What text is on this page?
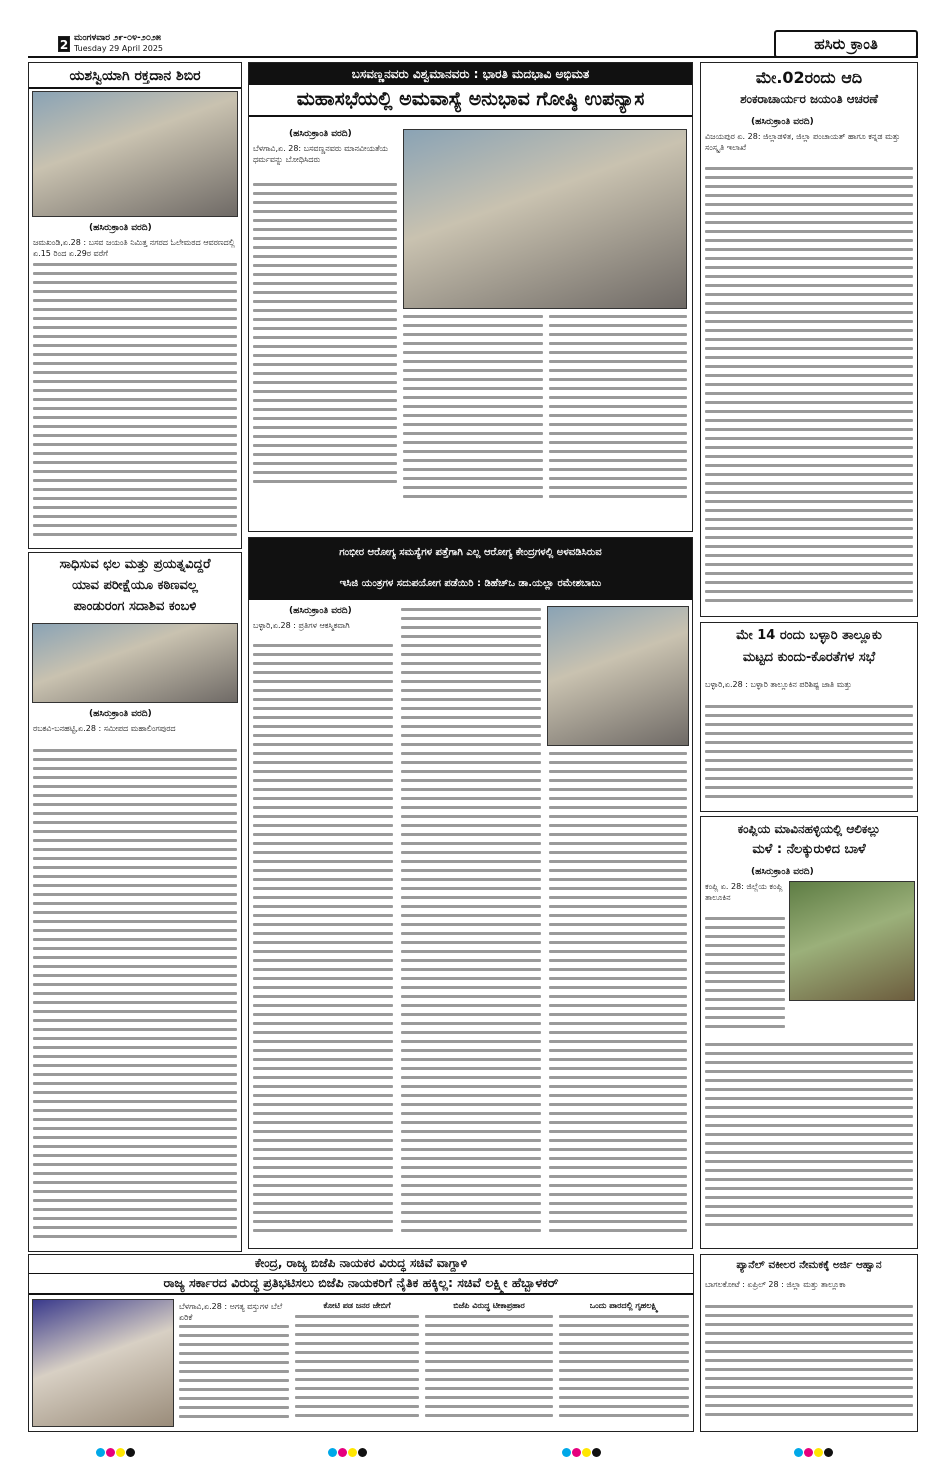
2 ಮಂಗಳವಾರ ೨೯-೦೪-೨೦೨೫
Tuesday 29 April 2025	ಹಸಿರು ಕ್ರಾಂತಿ
ಯಶಸ್ವಿಯಾಗಿ ರಕ್ತದಾನ ಶಿಬಿರ
(ಹಸಿರುಕ್ರಾಂತಿ ವರದಿ)
ಜಮಖಂಡಿ,ಏ.28 : ಬಸವ ಜಯಂತಿ ನಿಮಿತ್ತ ನಗರದ ಓಲೇಮಠದ ಆವರಣದಲ್ಲಿ ಏ.15 ರಿಂದ ಏ.29ರ ವರೆಗೆ
ಸಾಧಿಸುವ ಛಲ ಮತ್ತು ಪ್ರಯತ್ನವಿದ್ದರೆ
ಯಾವ ಪರೀಕ್ಷೆಯೂ ಕಠಿಣವಲ್ಲ
ಪಾಂಡುರಂಗ ಸದಾಶಿವ ಕಂಬಳಿ
(ಹಸಿರುಕ್ರಾಂತಿ ವರದಿ)
ರಬಕವಿ-ಬನಹಟ್ಟಿ,ಏ.28 : ಸಮೀಪದ ಮಹಾಲಿಂಗಪುರದ
ಬಸವಣ್ಣನವರು ವಿಶ್ವಮಾನವರು : ಭಾರತಿ ಮದಭಾವಿ ಅಭಿಮತ
ಮಹಾಸಭೆಯಲ್ಲಿ ಅಮವಾಸ್ಯೆ ಅನುಭಾವ ಗೋಷ್ಠಿ ಉಪನ್ಯಾಸ
(ಹಸಿರುಕ್ರಾಂತಿ ವರದಿ)
ಬೆಳಗಾವಿ,ಏ. 28: ಬಸವಣ್ಣನವರು ಮಾನವೀಯತೆಯ ಧರ್ಮವನ್ನು ಬೋಧಿಸಿದರು
ಗಂಭೀರ ಆರೋಗ್ಯ ಸಮಸ್ಯೆಗಳ ಪತ್ತೆಗಾಗಿ ಎಲ್ಲ ಆರೋಗ್ಯ ಕೇಂದ್ರಗಳಲ್ಲಿ ಅಳವಡಿಸಿರುವ
ಇಸಿಜಿ ಯಂತ್ರಗಳ ಸದುಪಯೋಗ ಪಡೆಯಿರಿ : ಡಿಹೆಚ್ಒ ಡಾ.ಯಲ್ಲಾ ರಮೇಶಬಾಬು
(ಹಸಿರುಕ್ರಾಂತಿ ವರದಿ)
ಬಳ್ಳಾರಿ,ಏ.28 : ಪ್ರತಿಗಳ ಆಕಸ್ಮಿಕವಾಗಿ
ಮೇ.02ರಂದು ಆದಿ
ಶಂಕರಾಚಾರ್ಯರ ಜಯಂತಿ ಆಚರಣೆ
(ಹಸಿರುಕ್ರಾಂತಿ ವರದಿ)
ವಿಜಯಪುರ ಏ. 28: ಜಿಲ್ಲಾಡಳಿತ, ಜಿಲ್ಲಾ ಪಂಚಾಯತ್ ಹಾಗೂ ಕನ್ನಡ ಮತ್ತು ಸಂಸ್ಕೃತಿ ಇಲಾಖೆ
ಮೇ 14 ರಂದು ಬಳ್ಳಾರಿ ತಾಲ್ಲೂಕು
ಮಟ್ಟದ ಕುಂದು-ಕೊರತೆಗಳ ಸಭೆ
ಬಳ್ಳಾರಿ,ಏ.28 : ಬಳ್ಳಾರಿ ತಾಲ್ಲೂಕಿನ ಪರಿಶಿಷ್ಟ ಜಾತಿ ಮತ್ತು
ಕಂಪ್ಲಿಯ ಮಾವಿನಹಳ್ಳಿಯಲ್ಲಿ ಆಲಿಕಲ್ಲು
ಮಳೆ : ನೆಲಕ್ಕುರುಳಿದ ಬಾಳೆ
(ಹಸಿರುಕ್ರಾಂತಿ ವರದಿ)
ಕಂಪ್ಲಿ ಏ. 28: ಜಿಲ್ಲೆಯ ಕಂಪ್ಲಿ ತಾಲೂಕಿನ
ಕೇಂದ್ರ, ರಾಜ್ಯ ಬಿಜೆಪಿ ನಾಯಕರ ವಿರುದ್ಧ ಸಚಿವೆ ವಾಗ್ದಾಳಿ
ರಾಜ್ಯ ಸರ್ಕಾರದ ವಿರುದ್ಧ ಪ್ರತಿಭಟಿಸಲು ಬಿಜೆಪಿ ನಾಯಕರಿಗೆ ನೈತಿಕ ಹಕ್ಕಿಲ್ಲ: ಸಚಿವೆ ಲಕ್ಷ್ಮೀ ಹೆಬ್ಬಾಳಕರ್
ಬೆಳಗಾವಿ,ಏ.28 : ಅಗತ್ಯ ವಸ್ತುಗಳ ಬೆಲೆ ಏರಿಕೆ
ಕೋಟಿ ಪಡ ಜನರ ಜೇಬಿಗೆ	ಬಿಜೆಪಿ ವಿರುದ್ಧ ಟೀಕಾಪ್ರಹಾರ	ಒಂದು ಪಾರದಲ್ಲಿ ಗೃಹಲಕ್ಷ್ಮಿ
ಪ್ಯಾನೆಲ್ ವಕೀಲರ ನೇಮಕಕ್ಕೆ ಅರ್ಜಿ ಆಹ್ವಾನ
ಬಾಗಲಕೋಟೆ : ಏಪ್ರಿಲ್ 28 : ಜಿಲ್ಲಾ ಮತ್ತು ತಾಲ್ಲೂಕಾ
